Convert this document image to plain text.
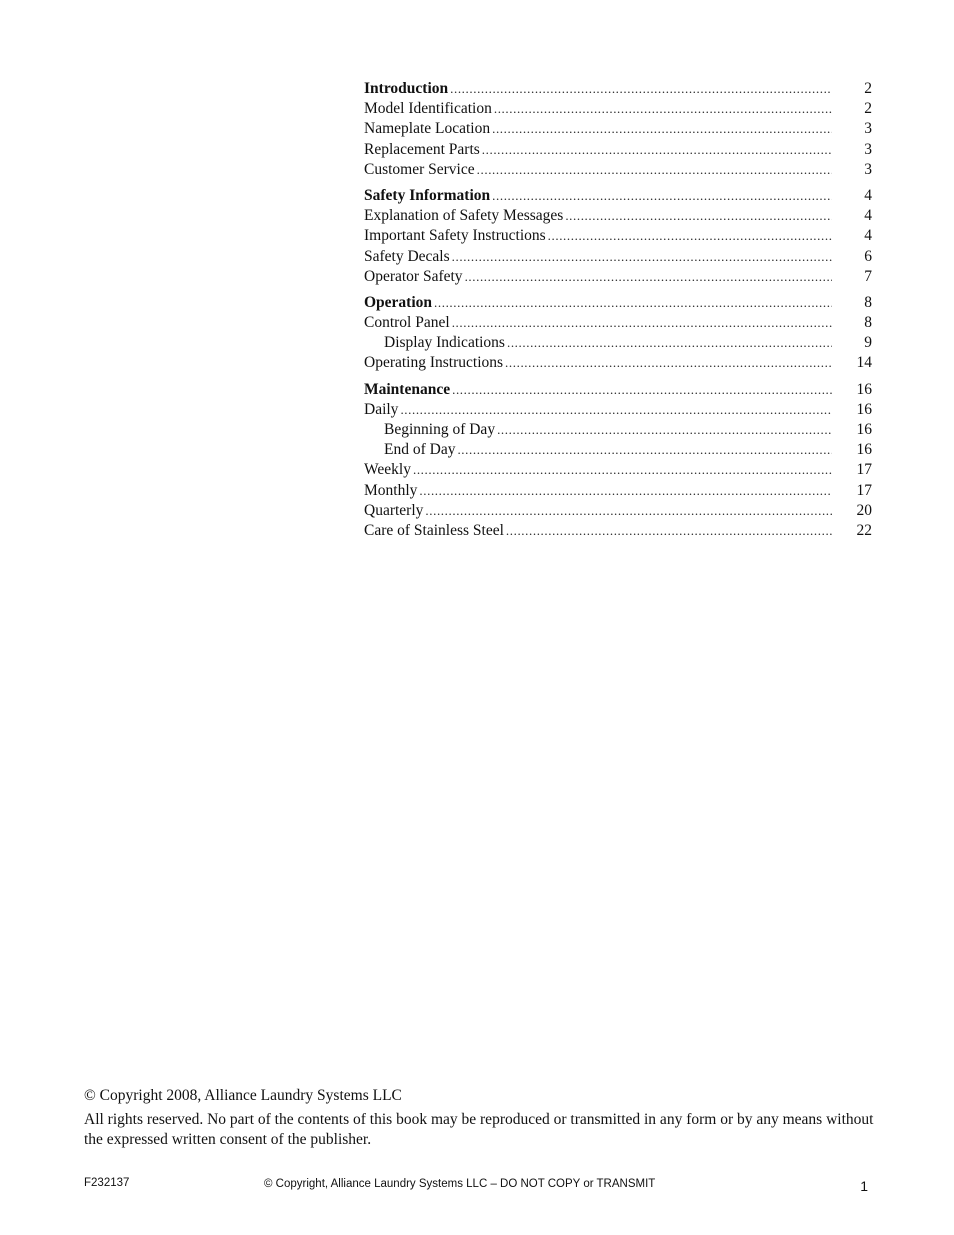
Introduction .....	2
Model Identification .....	2
Nameplate Location .....	3
Replacement Parts .....	3
Customer Service .....	3
Safety Information .....	4
Explanation of Safety Messages .....	4
Important Safety Instructions .....	4
Safety Decals .....	6
Operator Safety .....	7
Operation .....	8
Control Panel .....	8
Display Indications .....	9
Operating Instructions .....	14
Maintenance .....	16
Daily .....	16
Beginning of Day .....	16
End of Day .....	16
Weekly .....	17
Monthly .....	17
Quarterly .....	20
Care of Stainless Steel .....	22

© Copyright 2008, Alliance Laundry Systems LLC

All rights reserved. No part of the contents of this book may be reproduced or transmitted in any form or by any means without the expressed written consent of the publisher.

F232137	© Copyright, Alliance Laundry Systems LLC – DO NOT COPY or TRANSMIT	1
